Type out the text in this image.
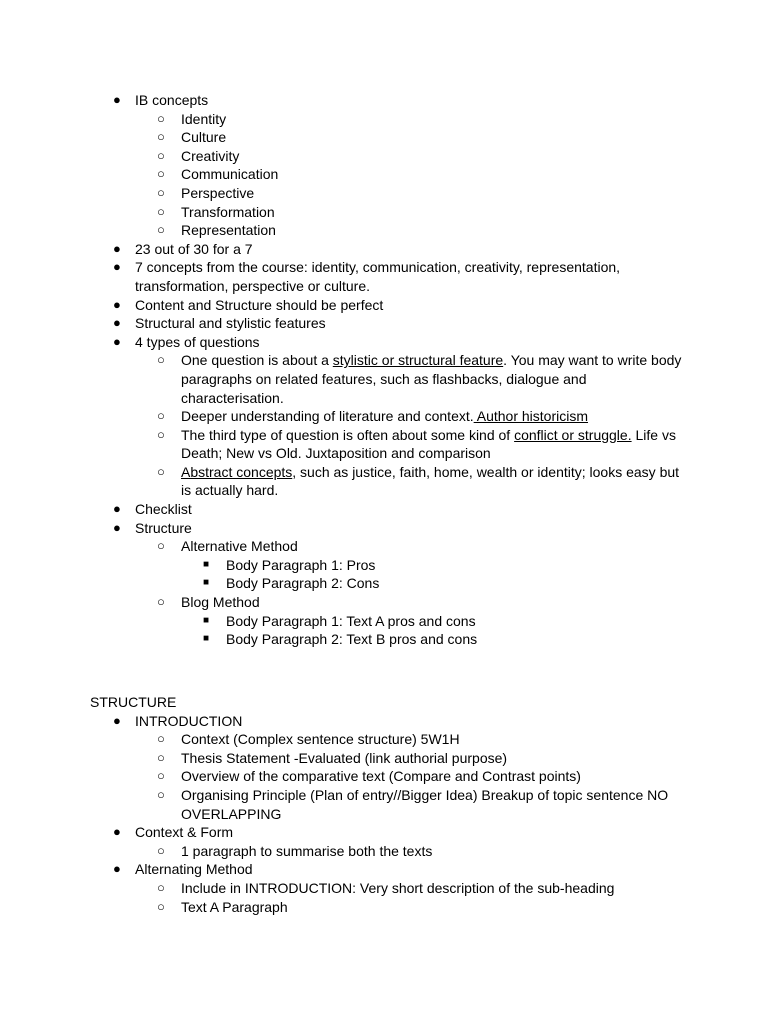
● IB concepts
○ Identity
○ Culture
○ Creativity
○ Communication
○ Perspective
○ Transformation
○ Representation
● 23 out of 30 for a 7
● 7 concepts from the course: identity, communication, creativity, representation, transformation, perspective or culture.
● Content and Structure should be perfect
● Structural and stylistic features
● 4 types of questions
○ One question is about a stylistic or structural feature. You may want to write body paragraphs on related features, such as flashbacks, dialogue and characterisation.
○ Deeper understanding of literature and context. Author historicism
○ The third type of question is often about some kind of conflict or struggle. Life vs Death; New vs Old. Juxtaposition and comparison
○ Abstract concepts, such as justice, faith, home, wealth or identity; looks easy but is actually hard.
● Checklist
● Structure
○ Alternative Method
■ Body Paragraph 1: Pros
■ Body Paragraph 2: Cons
○ Blog Method
■ Body Paragraph 1: Text A pros and cons
■ Body Paragraph 2: Text B pros and cons
STRUCTURE
● INTRODUCTION
○ Context (Complex sentence structure) 5W1H
○ Thesis Statement -Evaluated (link authorial purpose)
○ Overview of the comparative text (Compare and Contrast points)
○ Organising Principle (Plan of entry//Bigger Idea) Breakup of topic sentence NO OVERLAPPING
● Context & Form
○ 1 paragraph to summarise both the texts
● Alternating Method
○ Include in INTRODUCTION: Very short description of the sub-heading
○ Text A Paragraph
